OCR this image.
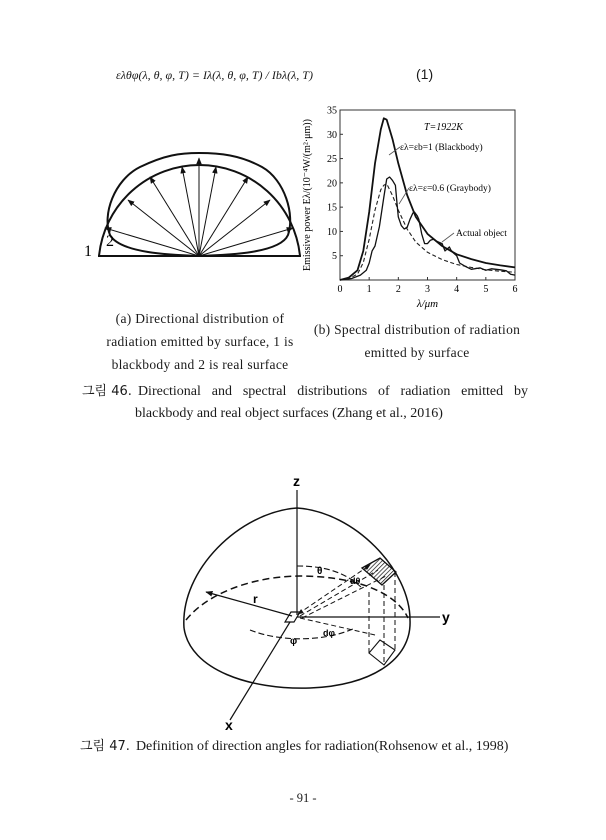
ελθφ(λ, θ, φ, T) = Iλ(λ, θ, φ, T) / Ibλ(λ, T)	(1)
1
2
0 1 2 3 4 5 6
5
10
15
20
25
30
35
T=1922K
ελ=εb=1 (Blackbody)
ελ=ε=0.6 (Graybody)
Actual object
λ/μm
Emissive power Eλ/(10⁻⁴W/(m²·μm))
(a) Directional distribution of
radiation emitted by surface, 1 is
blackbody and 2 is real surface
(b) Spectral distribution of radiation
emitted by surface
그림 46. Directional and spectral distributions of radiation emitted by
blackbody and real object surfaces (Zhang et al., 2016)
z
y
x
r
θ
dθ
φ
dφ
그림 47. Definition of direction angles for radiation(Rohsenow et al., 1998)
- 91 -
